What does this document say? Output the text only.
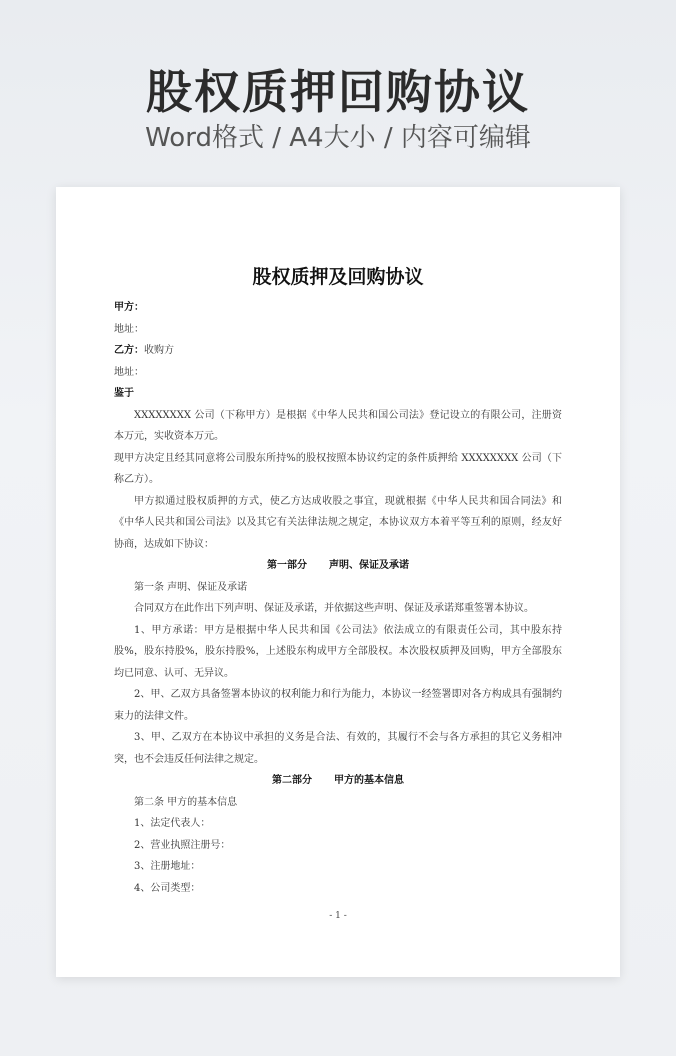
股权质押回购协议
Word格式 / A4大小 / 内容可编辑
股权质押及回购协议

甲方：

地址：

乙方：收购方

地址：

鉴于

XXXXXXXX 公司（下称甲方）是根据《中华人民共和国公司法》登记设立的有限公司，注册资本万元，实收资本万元。

现甲方决定且经其同意将公司股东所持%的股权按照本协议约定的条件质押给 XXXXXXXX 公司（下称乙方）。

甲方拟通过股权质押的方式，使乙方达成收股之事宜，现就根据《中华人民共和国合同法》和《中华人民共和国公司法》以及其它有关法律法规之规定，本协议双方本着平等互利的原则，经友好协商，达成如下协议：

第一部分 声明、保证及承诺

第一条 声明、保证及承诺

合同双方在此作出下列声明、保证及承诺，并依据这些声明、保证及承诺郑重签署本协议。

1、甲方承诺：甲方是根据中华人民共和国《公司法》依法成立的有限责任公司，其中股东持股%，股东持股%，股东持股%，上述股东构成甲方全部股权。本次股权质押及回购，甲方全部股东均已同意、认可、无异议。

2、甲、乙双方具备签署本协议的权利能力和行为能力，本协议一经签署即对各方构成具有强制约束力的法律文件。

3、甲、乙双方在本协议中承担的义务是合法、有效的，其履行不会与各方承担的其它义务相冲突，也不会违反任何法律之规定。

第二部分 甲方的基本信息

第二条 甲方的基本信息

1、法定代表人：

2、营业执照注册号：

3、注册地址：

4、公司类型：

- 1 -
